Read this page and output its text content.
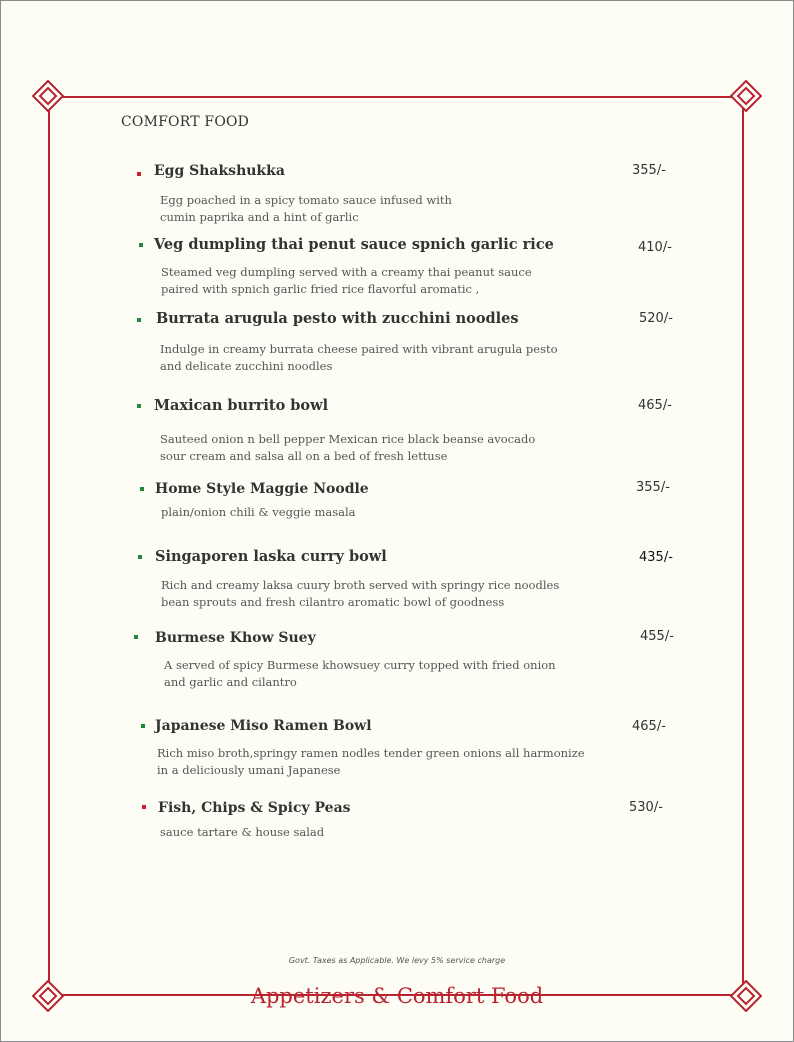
COMFORT FOOD
Egg Shakshukka	355/-
Egg poached in a spicy tomato sauce infused with
cumin paprika and a hint of garlic
Veg dumpling thai penut sauce spnich garlic rice	410/-
Steamed veg dumpling served with a creamy thai peanut sauce
paired with spnich garlic fried rice flavorful aromatic ,
Burrata arugula pesto with zucchini noodles	520/-
Indulge in creamy burrata cheese paired with vibrant arugula pesto
and delicate zucchini noodles
Maxican burrito bowl	465/-
Sauteed onion n bell pepper Mexican rice black beanse avocado
sour cream and salsa all on a bed of fresh lettuse
Home Style Maggie Noodle	355/-
plain/onion chili & veggie masala
Singaporen laska curry bowl	435/-
Rich and creamy laksa cuury broth served with springy rice noodles
bean sprouts and fresh cilantro aromatic bowl of goodness
Burmese Khow Suey	455/-
A served of spicy Burmese khowsuey curry topped with fried onion
and garlic and cilantro
Japanese Miso Ramen Bowl	465/-
Rich miso broth,springy ramen nodles tender green onions all harmonize
in a deliciously umani Japanese
Fish, Chips & Spicy Peas	530/-
sauce tartare & house salad
Govt. Taxes as Applicable. We levy 5% service charge
Appetizers & Comfort Food
